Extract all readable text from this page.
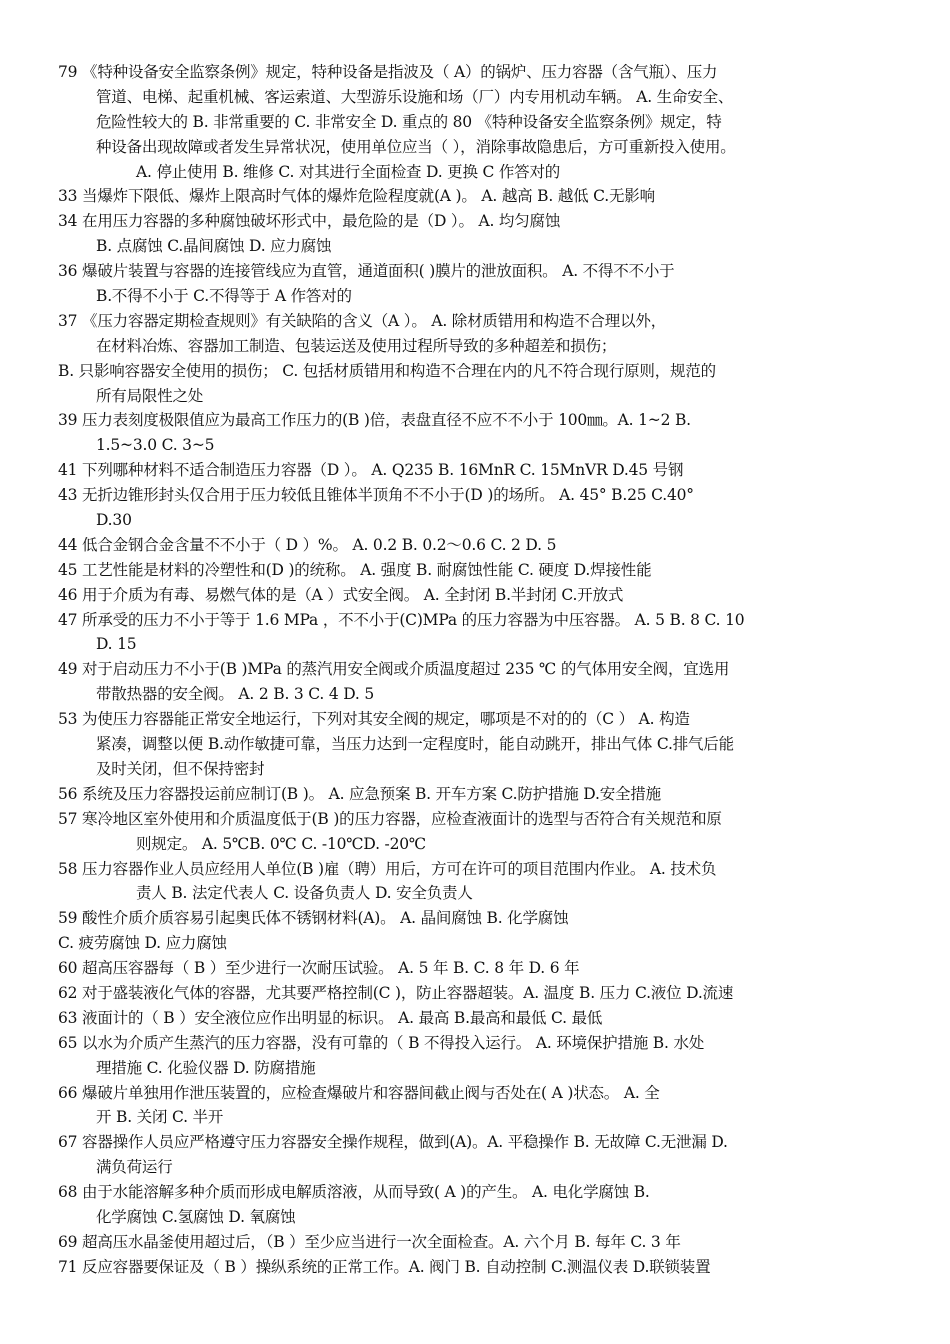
79 《特种设备安全监察条例》规定，特种设备是指波及（ A）的锅炉、压力容器（含气瓶）、压力
管道、电梯、起重机械、客运索道、大型游乐设施和场（厂）内专用机动车辆。 A. 生命安全、
危险性较大的 B. 非常重要的 C. 非常安全 D. 重点的 80 《特种设备安全监察条例》规定，特
种设备出现故障或者发生异常状况，使用单位应当（ ），消除事故隐患后，方可重新投入使用。
A. 停止使用 B. 维修 C. 对其进行全面检查 D. 更换 C 作答对的
33 当爆炸下限低、爆炸上限高时气体的爆炸危险程度就(A )。 A. 越高 B. 越低 C.无影响
34 在用压力容器的多种腐蚀破坏形式中，最危险的是（D ）。 A. 均匀腐蚀
B. 点腐蚀 C.晶间腐蚀 D. 应力腐蚀
36 爆破片装置与容器的连接管线应为直管，通道面积( )膜片的泄放面积。 A. 不得不不小于
B.不得不小于 C.不得等于 A 作答对的
37 《压力容器定期检查规则》有关缺陷的含义（A ）。 A. 除材质错用和构造不合理以外，
在材料冶炼、容器加工制造、包装运送及使用过程所导致的多种超差和损伤；
B. 只影响容器安全使用的损伤； C. 包括材质错用和构造不合理在内的凡不符合现行原则，规范的
所有局限性之处
39 压力表刻度极限值应为最高工作压力的(B )倍，表盘直径不应不不小于 100㎜。A. 1~2 B.
1.5~3.0 C. 3~5
41 下列哪种材料不适合制造压力容器（D ）。 A. Q235 B. 16MnR C. 15MnVR D.45 号钢
43 无折边锥形封头仅合用于压力较低且锥体半顶角不不小于(D )的场所。 A. 45° B.25 C.40°
D.30
44 低合金钢合金含量不不小于（ D ）%。 A. 0.2 B. 0.2～0.6 C. 2 D. 5
45 工艺性能是材料的冷塑性和(D )的统称。 A. 强度 B. 耐腐蚀性能 C. 硬度 D.焊接性能
46 用于介质为有毒、易燃气体的是（A ）式安全阀。 A. 全封闭 B.半封闭 C.开放式
47 所承受的压力不小于等于 1.6 MPa ，不不小于(C)MPa 的压力容器为中压容器。 A. 5 B. 8 C. 10
D. 15
49 对于启动压力不小于(B )MPa 的蒸汽用安全阀或介质温度超过 235 ℃ 的气体用安全阀，宜选用
带散热器的安全阀。 A. 2 B. 3 C. 4 D. 5
53 为使压力容器能正常安全地运行，下列对其安全阀的规定，哪项是不对的的（C ） A. 构造
紧凑，调整以便 B.动作敏捷可靠，当压力达到一定程度时，能自动跳开，排出气体 C.排气后能
及时关闭，但不保持密封
56 系统及压力容器投运前应制订(B )。 A. 应急预案 B. 开车方案 C.防护措施 D.安全措施
57 寒冷地区室外使用和介质温度低于(B )的压力容器，应检查液面计的选型与否符合有关规范和原
则规定。 A. 5℃B. 0℃ C. -10℃D. -20℃
58 压力容器作业人员应经用人单位(B )雇（聘）用后，方可在许可的项目范围内作业。 A. 技术负
责人 B. 法定代表人 C. 设备负责人 D. 安全负责人
59 酸性介质介质容易引起奥氏体不锈钢材料(A)。 A. 晶间腐蚀 B. 化学腐蚀
C. 疲劳腐蚀 D. 应力腐蚀
60 超高压容器每（ B ）至少进行一次耐压试验。 A. 5 年 B. C. 8 年 D. 6 年
62 对于盛装液化气体的容器，尤其要严格控制(C )，防止容器超装。A. 温度 B. 压力 C.液位 D.流速
63 液面计的（ B ）安全液位应作出明显的标识。 A. 最高 B.最高和最低 C. 最低
65 以水为介质产生蒸汽的压力容器，没有可靠的（ B 不得投入运行。 A. 环境保护措施 B. 水处
理措施 C. 化验仪器 D. 防腐措施
66 爆破片单独用作泄压装置的，应检查爆破片和容器间截止阀与否处在( A )状态。 A. 全
开 B. 关闭 C. 半开
67 容器操作人员应严格遵守压力容器安全操作规程，做到(A)。A. 平稳操作 B. 无故障 C.无泄漏 D.
满负荷运行
68 由于水能溶解多种介质而形成电解质溶液，从而导致( A )的产生。 A. 电化学腐蚀 B.
化学腐蚀 C.氢腐蚀 D. 氧腐蚀
69 超高压水晶釜使用超过后，（B ）至少应当进行一次全面检查。A. 六个月 B. 每年 C. 3 年
71 反应容器要保证及（ B ）操纵系统的正常工作。A. 阀门 B. 自动控制 C.测温仪表 D.联锁装置
